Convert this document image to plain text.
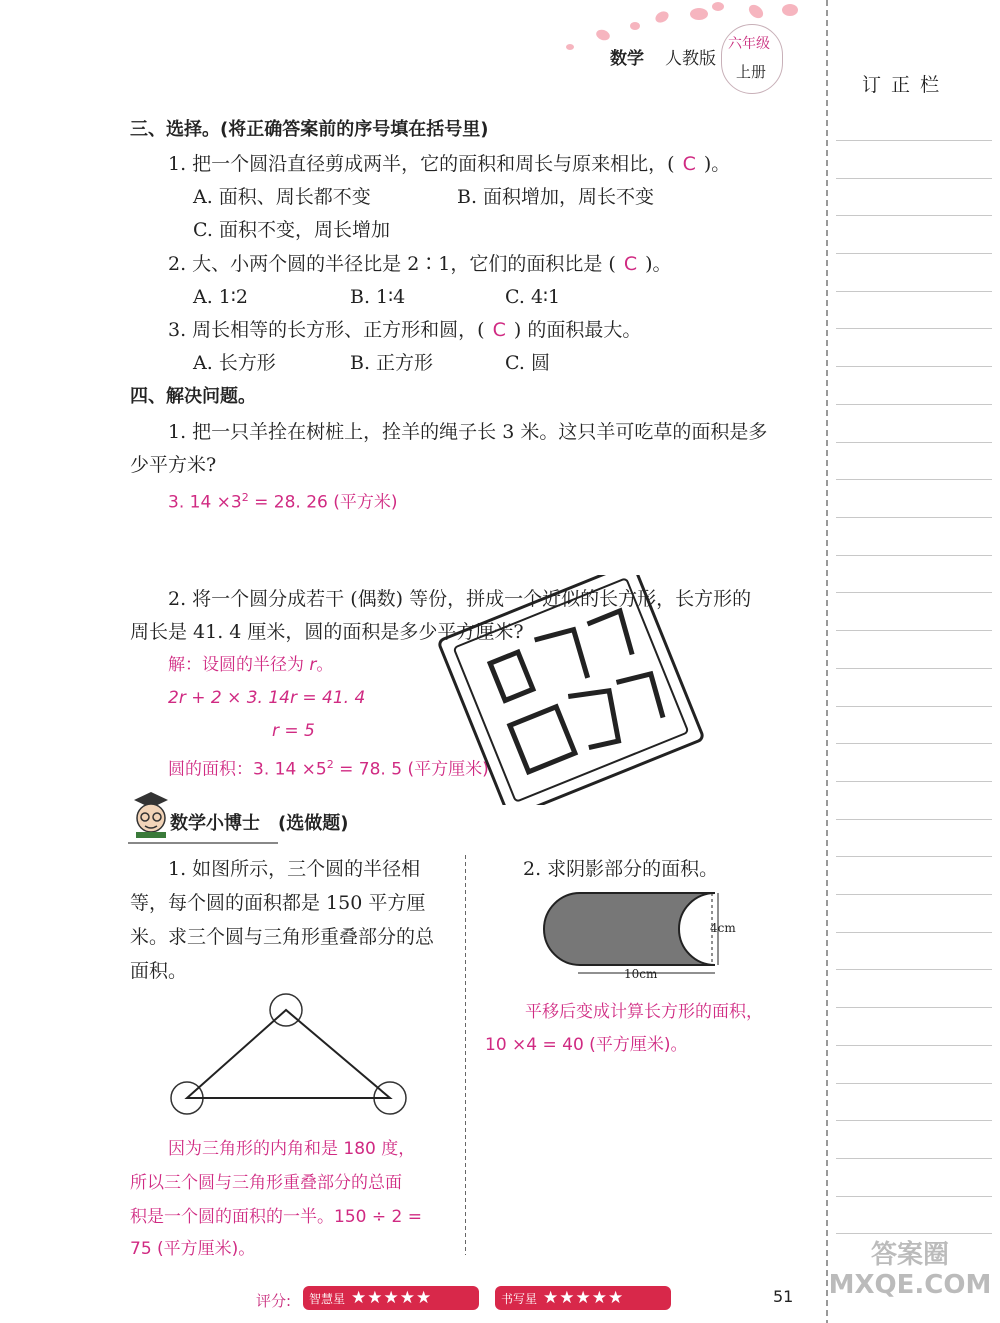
数学 人教版
六年级
上册
订 正 栏
三、选择。(将正确答案前的序号填在括号里)
1. 把一个圆沿直径剪成两半，它的面积和周长与原来相比，( C )。
A. 面积、周长都不变	B. 面积增加，周长不变
C. 面积不变，周长增加
2. 大、小两个圆的半径比是 2∶1，它们的面积比是 ( C )。
A. 1∶2	B. 1∶4	C. 4∶1
3. 周长相等的长方形、正方形和圆，( C ) 的面积最大。
A. 长方形	B. 正方形	C. 圆
四、解决问题。
1. 把一只羊拴在树桩上，拴羊的绳子长 3 米。这只羊可吃草的面积是多
少平方米?
3. $14 \times 3^2 = 28$. 26 (平方米)
2. 将一个圆分成若干 (偶数) 等份，拼成一个近似的长方形，长方形的
周长是 41. 4 厘米，圆的面积是多少平方厘米?
解：设圆的半径为 r。
2r + 2 × 3. 14r = 41. 4
r = 5
圆的面积：3. $14 \times 5^2 = 78$. 5 (平方厘米)
数学小博士 (选做题)
1. 如图所示，三个圆的半径相
等，每个圆的面积都是 150 平方厘
米。求三个圆与三角形重叠部分的总
面积。
因为三角形的内角和是 180 度，
所以三个圆与三角形重叠部分的总面
积是一个圆的面积的一半。150 ÷ 2 =
75 (平方厘米)。
2. 求阴影部分的面积。
4cm
10cm
平移后变成计算长方形的面积，
10 ×4 = 40 (平方厘米)。
评分:	智慧星 ★★★★★	书写星 ★★★★★	51
答案圈 MXQE.COM
